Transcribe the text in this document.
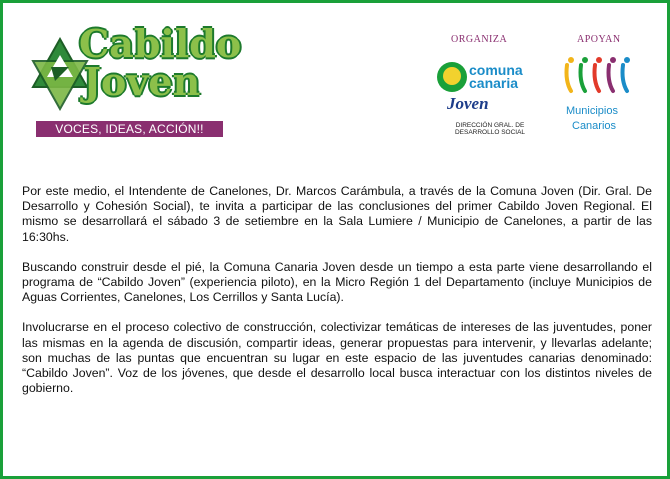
Cabildo
Joven
VOCES, IDEAS, ACCIÓN!!
ORGANIZA
comuna
canaria
Joven
DIRECCIÓN GRAL. DE DESARROLLO SOCIAL
APOYAN
Municipios
Canarios

Por este medio, el Intendente de Canelones, Dr. Marcos Carámbula, a través de la Comuna Joven (Dir. Gral. De Desarrollo y Cohesión Social), te invita a participar de las conclusiones del primer Cabildo Joven Regional. El mismo se desarrollará el sábado 3 de setiembre en la Sala Lumiere / Municipio de Canelones, a partir de las 16:30hs.

Buscando construir desde el pié, la Comuna Canaria Joven desde un tiempo a esta parte viene desarrollando el programa de “Cabildo Joven” (experiencia piloto), en la Micro Región 1 del Departamento (incluye Municipios de Aguas Corrientes, Canelones, Los Cerrillos y Santa Lucía).

Involucrarse en el proceso colectivo de construcción, colectivizar temáticas de intereses de las juventudes, poner las mismas en la agenda de discusión, compartir ideas, generar propuestas para intervenir, y llevarlas adelante; son muchas de las puntas que encuentran su lugar en este espacio de las juventudes canarias denominado: “Cabildo Joven”. Voz de los jóvenes, que desde el desarrollo local busca interactuar con los distintos niveles de gobierno.
